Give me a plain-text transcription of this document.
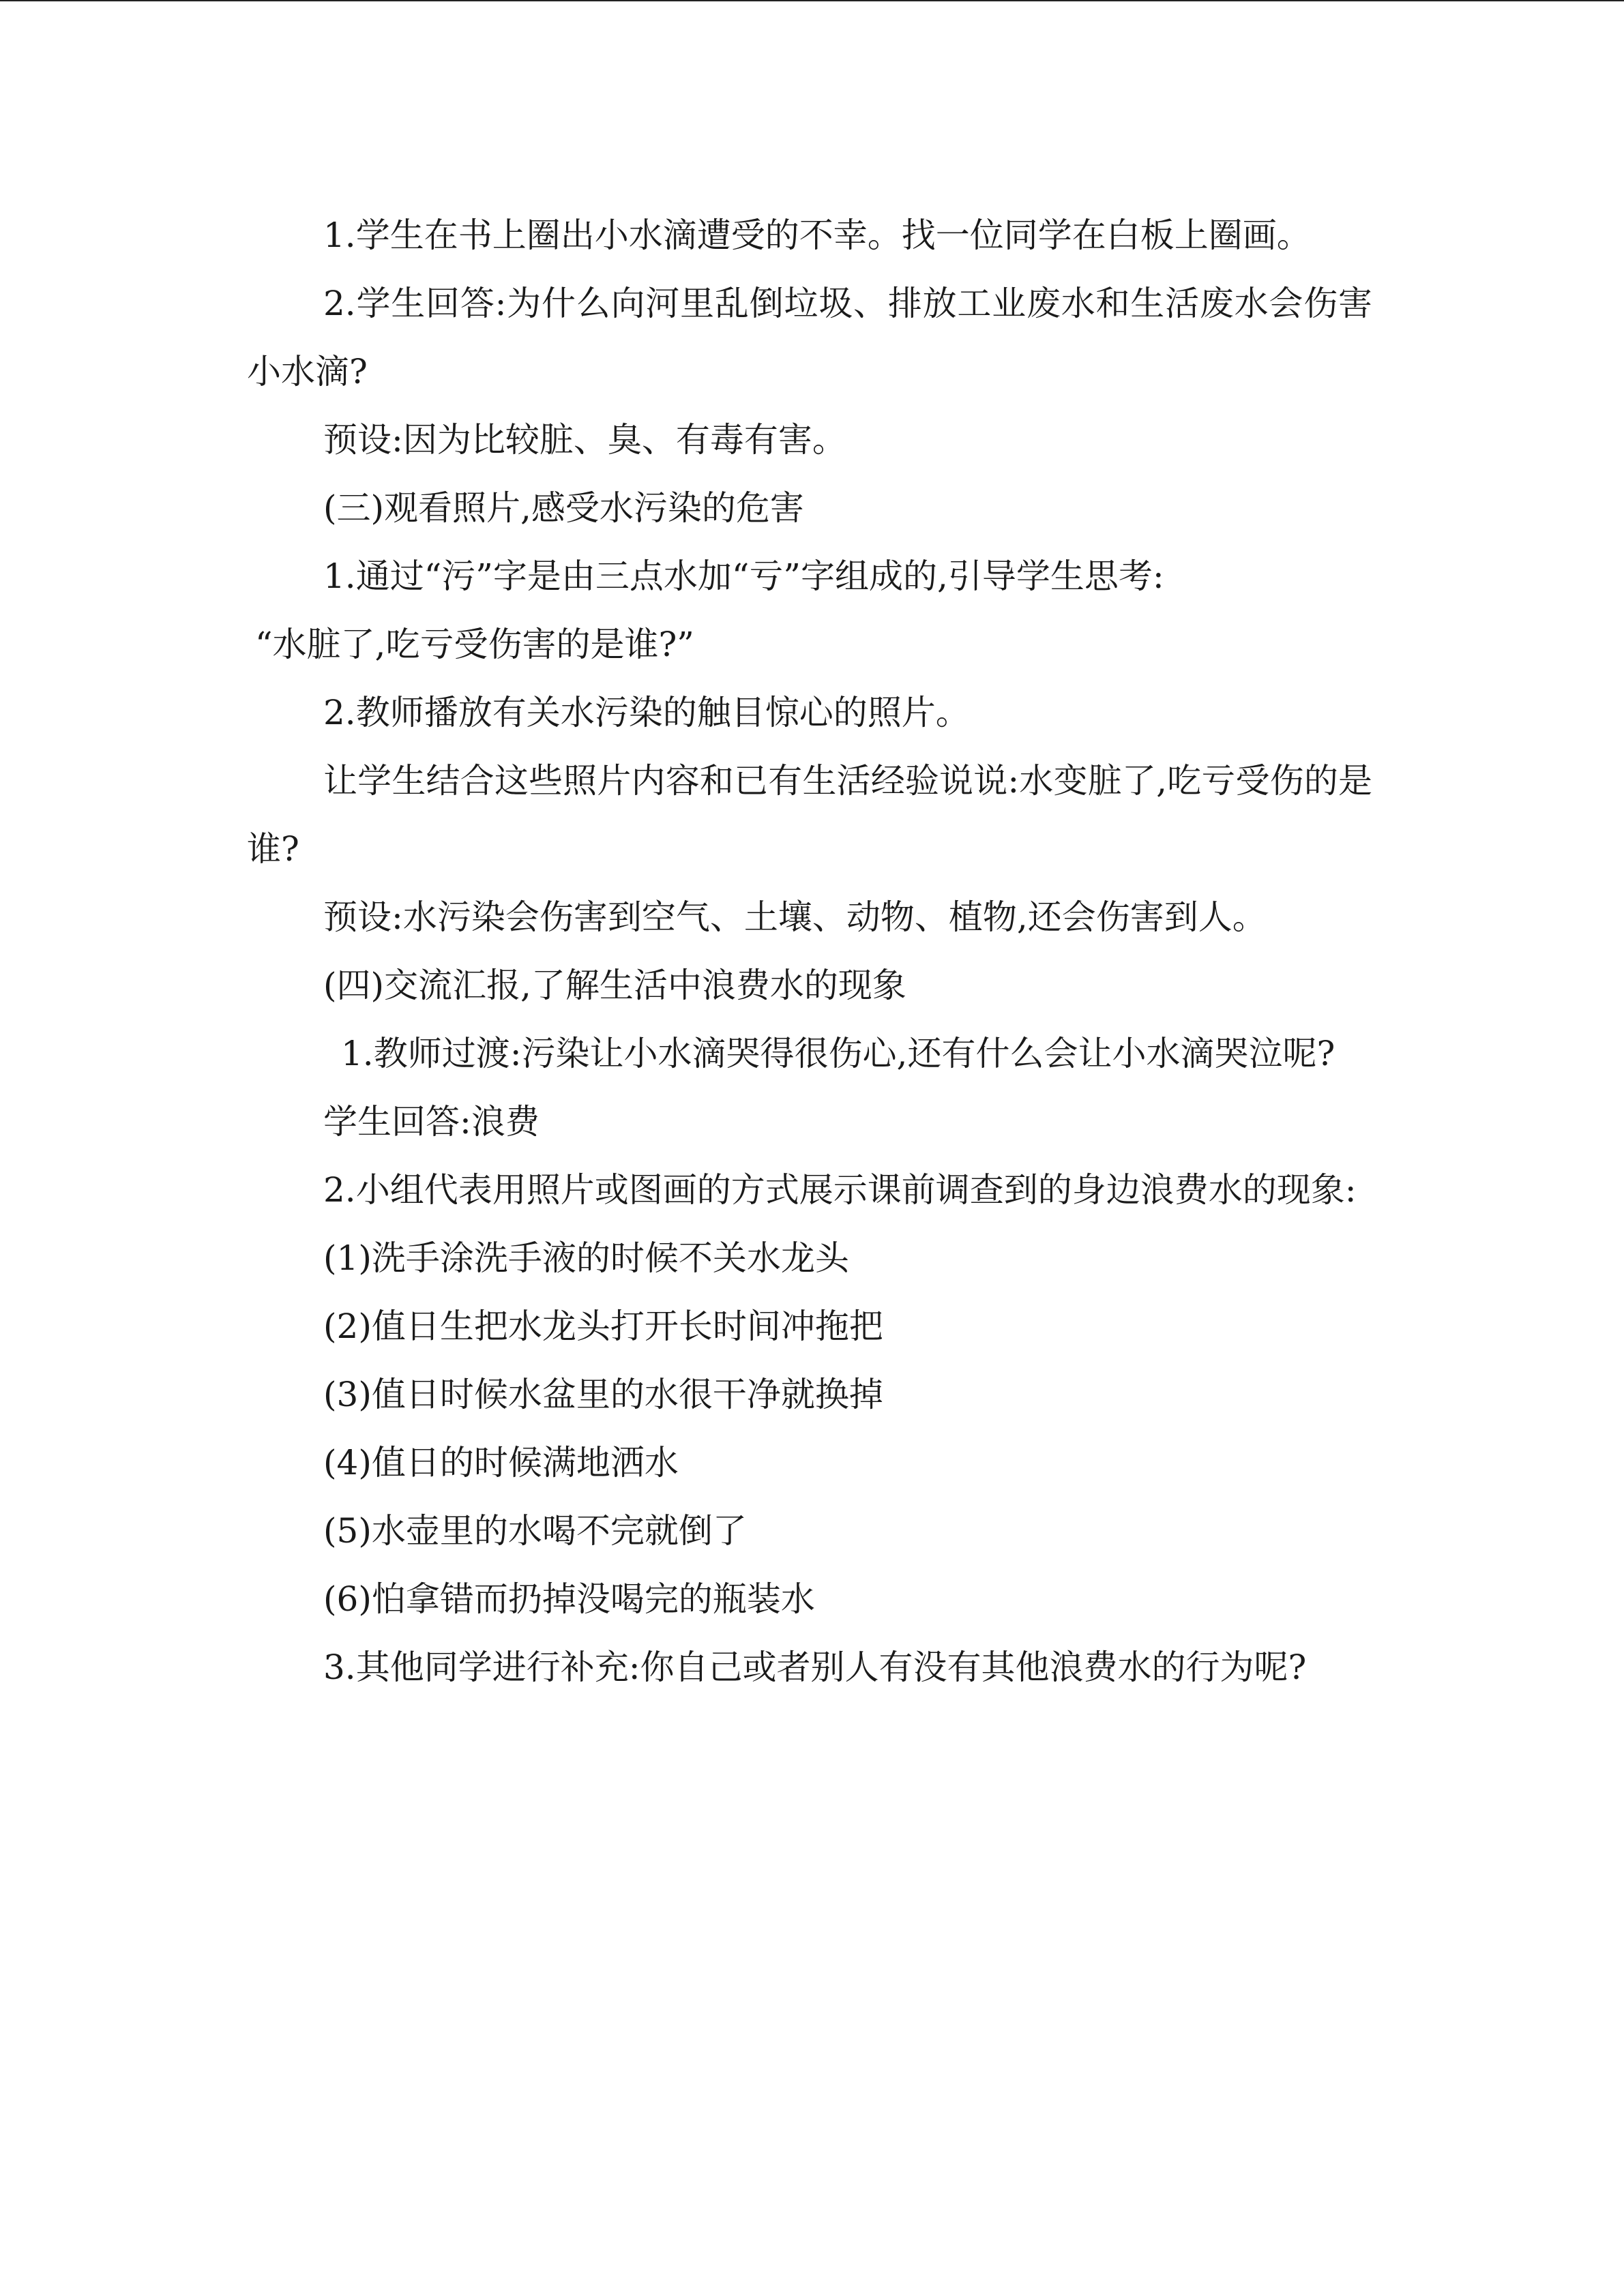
1.学生在书上圈出小水滴遭受的不幸。找一位同学在白板上圈画。

2.学生回答:为什么向河里乱倒垃圾、排放工业废水和生活废水会伤害小水滴?

预设:因为比较脏、臭、有毒有害。

(三)观看照片,感受水污染的危害

1.通过“污”字是由三点水加“亏”字组成的,引导学生思考:

“水脏了,吃亏受伤害的是谁?”

2.教师播放有关水污染的触目惊心的照片。

让学生结合这些照片内容和已有生活经验说说:水变脏了,吃亏受伤的是谁?

预设:水污染会伤害到空气、土壤、动物、植物,还会伤害到人。

(四)交流汇报,了解生活中浪费水的现象

1.教师过渡:污染让小水滴哭得很伤心,还有什么会让小水滴哭泣呢?

学生回答:浪费

2.小组代表用照片或图画的方式展示课前调查到的身边浪费水的现象:

(1)洗手涂洗手液的时候不关水龙头

(2)值日生把水龙头打开长时间冲拖把

(3)值日时候水盆里的水很干净就换掉

(4)值日的时候满地洒水

(5)水壶里的水喝不完就倒了

(6)怕拿错而扔掉没喝完的瓶装水

3.其他同学进行补充:你自己或者别人有没有其他浪费水的行为呢?
